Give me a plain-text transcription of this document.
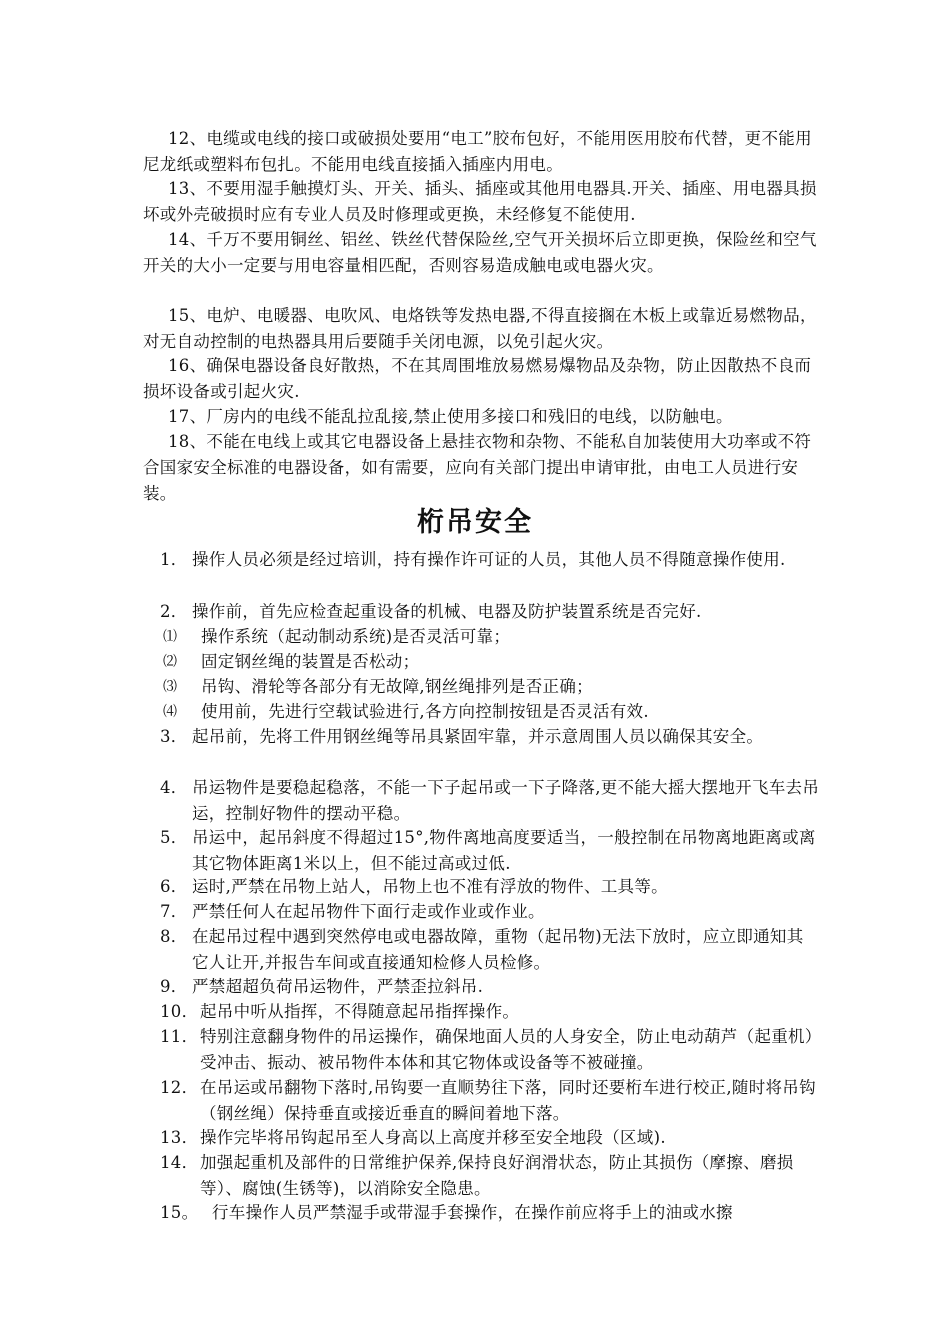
12、电缆或电线的接口或破损处要用“电工”胶布包好，不能用医用胶布代替，更不能用尼龙纸或塑料布包扎。不能用电线直接插入插座内用电。

13、不要用湿手触摸灯头、开关、插头、插座或其他用电器具.开关、插座、用电器具损坏或外壳破损时应有专业人员及时修理或更换，未经修复不能使用.

14、千万不要用铜丝、铝丝、铁丝代替保险丝,空气开关损坏后立即更换，保险丝和空气开关的大小一定要与用电容量相匹配，否则容易造成触电或电器火灾。

15、电炉、电暖器、电吹风、电烙铁等发热电器,不得直接搁在木板上或靠近易燃物品，对无自动控制的电热器具用后要随手关闭电源，以免引起火灾。

16、确保电器设备良好散热，不在其周围堆放易燃易爆物品及杂物，防止因散热不良而损坏设备或引起火灾.

17、厂房内的电线不能乱拉乱接,禁止使用多接口和残旧的电线，以防触电。

18、不能在电线上或其它电器设备上悬挂衣物和杂物、不能私自加装使用大功率或不符合国家安全标准的电器设备，如有需要，应向有关部门提出申请审批，由电工人员进行安装。

桁吊安全
1． 操作人员必须是经过培训，持有操作许可证的人员，其他人员不得随意操作使用.
2． 操作前，首先应检查起重设备的机械、电器及防护装置系统是否完好.
⑴	操作系统（起动制动系统)是否灵活可靠；
⑵	固定钢丝绳的装置是否松动；
⑶	吊钩、滑轮等各部分有无故障,钢丝绳排列是否正确；
⑷	使用前，先进行空载试验进行,各方向控制按钮是否灵活有效.
3． 起吊前，先将工件用钢丝绳等吊具紧固牢靠，并示意周围人员以确保其安全。
4． 吊运物件是要稳起稳落，不能一下子起吊或一下子降落,更不能大摇大摆地开飞车去吊运，控制好物件的摆动平稳。
5． 吊运中，起吊斜度不得超过15°,物件离地高度要适当，一般控制在吊物离地距离或离其它物体距离1米以上，但不能过高或过低.
6． 运时,严禁在吊物上站人，吊物上也不准有浮放的物件、工具等。
7． 严禁任何人在起吊物件下面行走或作业或作业。
8． 在起吊过程中遇到突然停电或电器故障，重物（起吊物)无法下放时，应立即通知其它人让开,并报告车间或直接通知检修人员检修。
9． 严禁超超负荷吊运物件，严禁歪拉斜吊.
10． 起吊中听从指挥，不得随意起吊指挥操作。
11． 特别注意翻身物件的吊运操作，确保地面人员的人身安全，防止电动葫芦（起重机）受冲击、振动、被吊物件本体和其它物体或设备等不被碰撞。
12． 在吊运或吊翻物下落时,吊钩要一直顺势往下落，同时还要桁车进行校正,随时将吊钩（钢丝绳）保持垂直或接近垂直的瞬间着地下落。
13． 操作完毕将吊钩起吊至人身高以上高度并移至安全地段（区域).
14． 加强起重机及部件的日常维护保养,保持良好润滑状态，防止其损伤（摩擦、磨损等）、腐蚀(生锈等)，以消除安全隐患。
15。 行车操作人员严禁湿手或带湿手套操作，在操作前应将手上的油或水擦
